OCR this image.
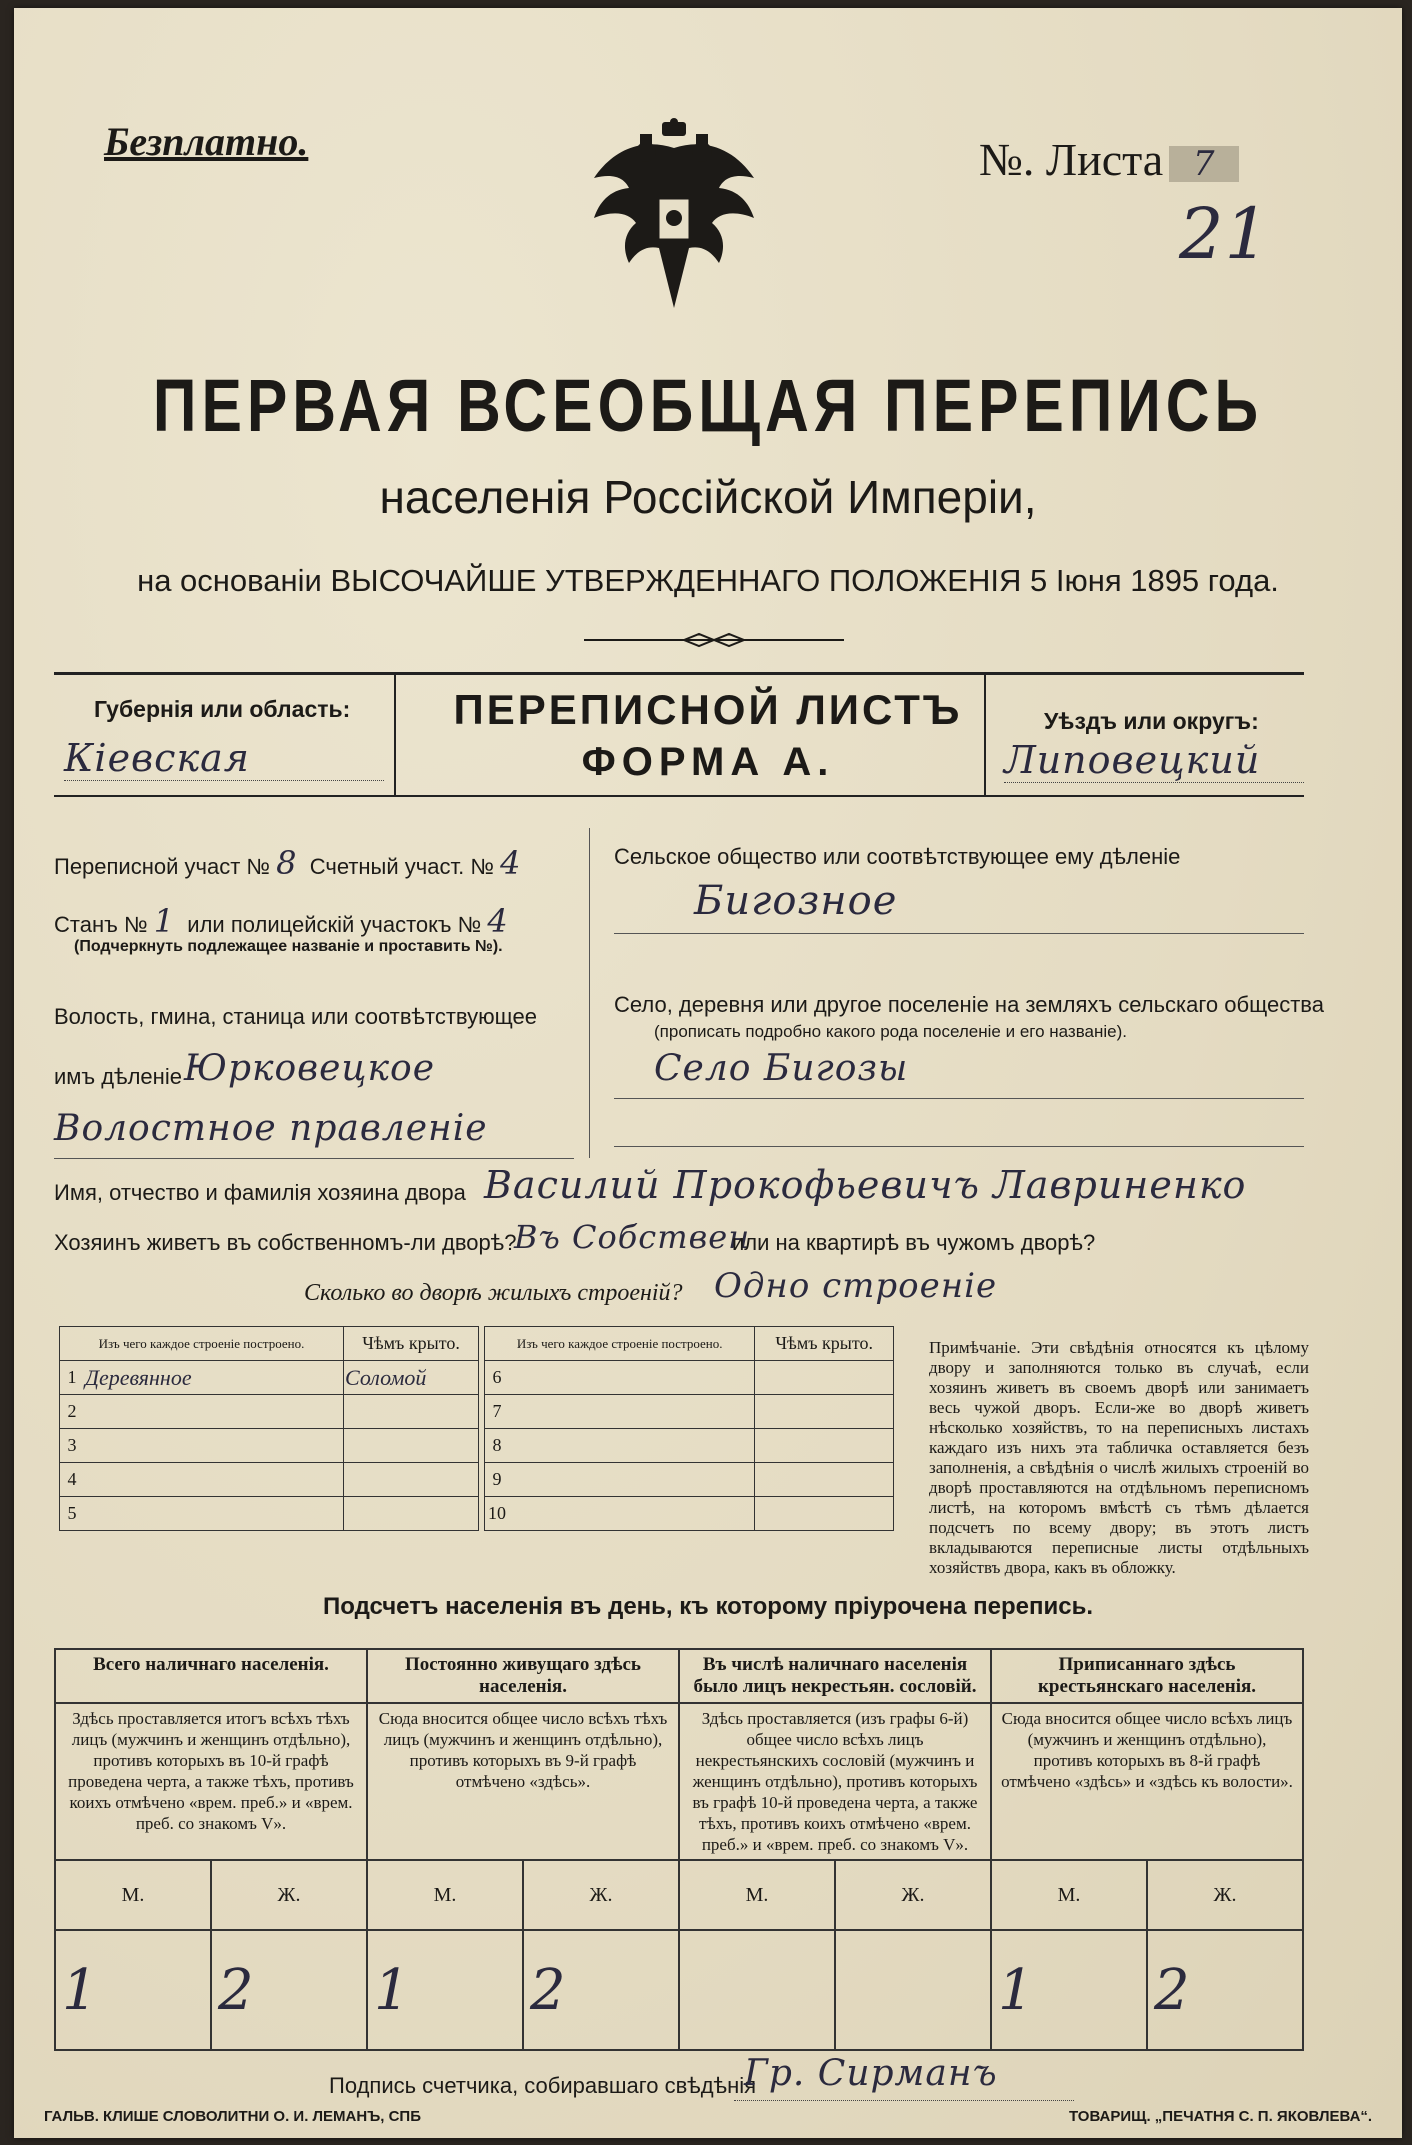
Безплатно.	№. Листа 7
21
ПЕРВАЯ ВСЕОБЩАЯ ПЕРЕПИСЬ
населенія Россійской Имперіи,
на основаніи ВЫСОЧАЙШЕ УТВЕРЖДЕННАГО ПОЛОЖЕНІЯ 5 Іюня 1895 года.
Губернія или область:
Кіевская
ПЕРЕПИСНОЙ ЛИСТЪ
ФОРМА А.
Уѣздъ или округъ:
Липовецкий
Переписной участ № 8 Счетный участ. № 4
Станъ № 1 или полицейскій участокъ № 4
(Подчеркнуть подлежащее названіе и проставить №).
Волость, гмина, станица или соотвѣтствующее
имъ дѣленіе Юрковецкое
Волостное правленіе
Сельское общество или соотвѣтствующее ему дѣленіе
Бигозное
Село, деревня или другое поселеніе на земляхъ сельскаго общества
(прописать подробно какого рода поселеніе и его названіе).
Село Бигозы
Имя, отчество и фамилія хозяина двора Василий Прокофьевичъ Лавриненко
Хозяинъ живетъ въ собственномъ-ли дворѣ?
Въ Собствен
или на квартирѣ въ чужомъ дворѣ?
Сколько во дворѣ жилыхъ строеній? Одно строеніе
Изъ чего каждое строеніе построено.		Чѣмъ крыто.
1	Деревянное	Соломой
2		
3		
4		
5		
Изъ чего каждое строеніе построено.		Чѣмъ крыто.
6		
7		
8		
9		
10		
Примѣчаніе. Эти свѣдѣнія относятся къ цѣлому двору и заполняются только въ случаѣ, если хозяинъ живетъ въ своемъ дворѣ или занимаетъ весь чужой дворъ. Если-же во дворѣ живетъ нѣсколько хозяйствъ, то на переписныхъ листахъ каждаго изъ нихъ эта табличка оставляется безъ заполненія, а свѣдѣнія о числѣ жилыхъ строеній во дворѣ проставляются на отдѣльномъ переписномъ листѣ, на которомъ вмѣстѣ съ тѣмъ дѣлается подсчетъ по всему двору; въ этотъ листъ вкладываются переписные листы отдѣльныхъ хозяйствъ двора, какъ въ обложку.
Подсчетъ населенія въ день, къ которому пріурочена перепись.
Всего наличнаго населенія.		Постоянно живущаго здѣсь населенія.		Въ числѣ наличнаго населенія было лицъ некрестьян. сословій.		Приписаннаго здѣсь крестьянскаго населенія.	
Здѣсь проставляется итогъ всѣхъ тѣхъ лицъ (мужчинъ и женщинъ отдѣльно), противъ которыхъ въ 10-й графѣ проведена черта, а также тѣхъ, противъ коихъ отмѣчено «врем. преб.» и «врем. преб. со знакомъ V».		Сюда вносится общее число всѣхъ тѣхъ лицъ (мужчинъ и женщинъ отдѣльно), противъ которыхъ въ 9-й графѣ отмѣчено «здѣсь».		Здѣсь проставляется (изъ графы 6-й) общее число всѣхъ лицъ некрестьянскихъ сословій (мужчинъ и женщинъ отдѣльно), противъ которыхъ въ графѣ 10-й проведена черта, а также тѣхъ, противъ коихъ отмѣчено «врем. преб.» и «врем. преб. со знакомъ V».		Сюда вносится общее число всѣхъ лицъ (мужчинъ и женщинъ отдѣльно), противъ которыхъ въ 8-й графѣ отмѣчено «здѣсь» и «здѣсь къ волости».	
М.	Ж.	М.	Ж.	М.	Ж.	М.	Ж.
1	2	1	2			1	2
Подпись счетчика, собиравшаго свѣдѣнія
Гр. Сирманъ
ГАЛЬВ. КЛИШЕ СЛОВОЛИТНИ О. И. ЛЕМАНЪ, СПБ	ТОВАРИЩ. „ПЕЧАТНЯ С. П. ЯКОВЛЕВА“.
